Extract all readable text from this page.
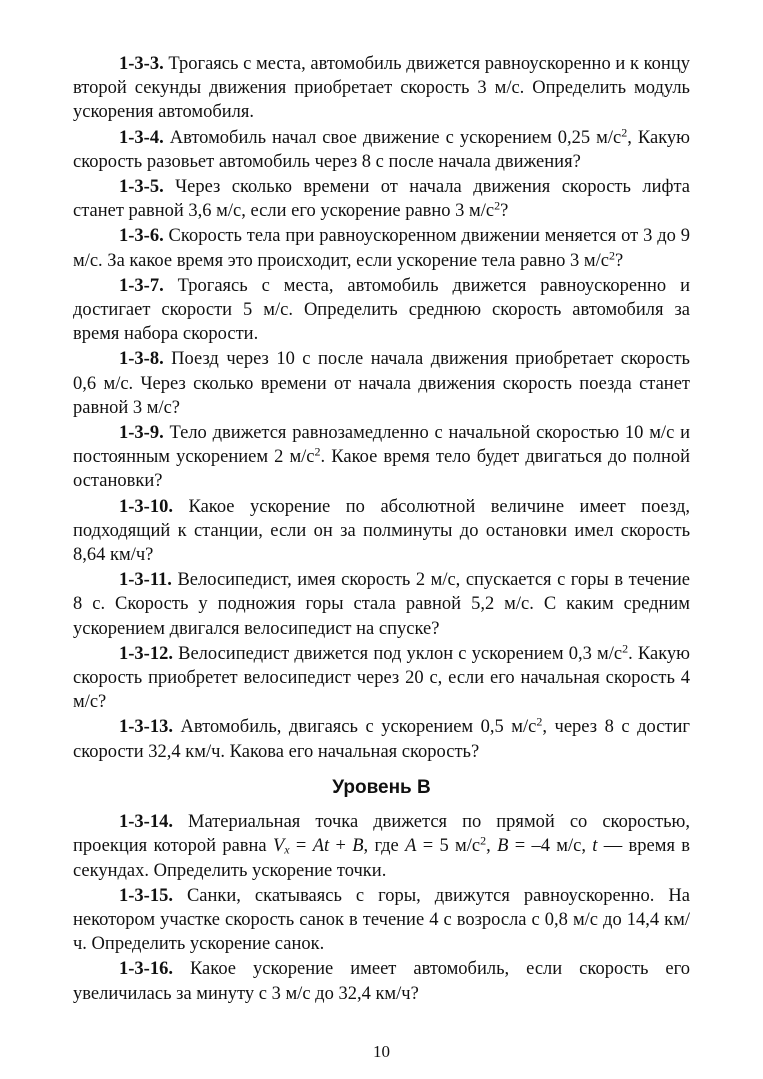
1-3-3. Трогаясь с места, автомобиль движется равноускоренно и к концу второй секунды движения приобретает скорость 3 м/с. Определить модуль ускорения автомобиля.

1-3-4. Автомобиль начал свое движение с ускорением 0,25 $м/с^2$, Какую скорость разовьет автомобиль через 8 с после начала движения?

1-3-5. Через сколько времени от начала движения скорость лифта станет равной 3,6 м/с, если его ускорение равно 3 $м/с^2$?

1-3-6. Скорость тела при равноускоренном движении меняется от 3 до 9 м/с. За какое время это происходит, если ускорение тела равно 3 $м/с^2$?

1-3-7. Трогаясь с места, автомобиль движется равноускоренно и достигает скорости 5 м/с. Определить среднюю скорость автомобиля за время набора скорости.

1-3-8. Поезд через 10 с после начала движения приобретает скорость 0,6 м/с. Через сколько времени от начала движения скорость поезда станет равной 3 м/с?

1-3-9. Тело движется равнозамедленно с начальной скоростью 10 м/с и постоянным ускорением 2 $м/с^2$. Какое время тело будет двигаться до полной остановки?

1-3-10. Какое ускорение по абсолютной величине имеет поезд, подходящий к станции, если он за полминуты до остановки имел скорость 8,64 км/ч?

1-3-11. Велосипедист, имея скорость 2 м/с, спускается с горы в течение 8 с. Скорость у подножия горы стала равной 5,2 м/с. С каким средним ускорением двигался велосипедист на спуске?

1-3-12. Велосипедист движется под уклон с ускорением 0,3 $м/с^2$. Какую скорость приобретет велосипедист через 20 с, если его начальная скорость 4 м/с?

1-3-13. Автомобиль, двигаясь с ускорением 0,5 $м/с^2$, через 8 с достиг скорости 32,4 км/ч. Какова его начальная скорость?

Уровень B

1-3-14. Материальная точка движется по прямой со скоростью, проекция которой равна $V_x = At + B$, где A = 5 $м/с^2$, B = –4 м/с, t — время в секундах. Определить ускорение точки.

1-3-15. Санки, скатываясь с горы, движутся равноускоренно. На некотором участке скорость санок в течение 4 с возросла с 0,8 м/с до 14,4 км/ч. Определить ускорение санок.

1-3-16. Какое ускорение имеет автомобиль, если скорость его увеличилась за минуту с 3 м/с до 32,4 км/ч?

10
